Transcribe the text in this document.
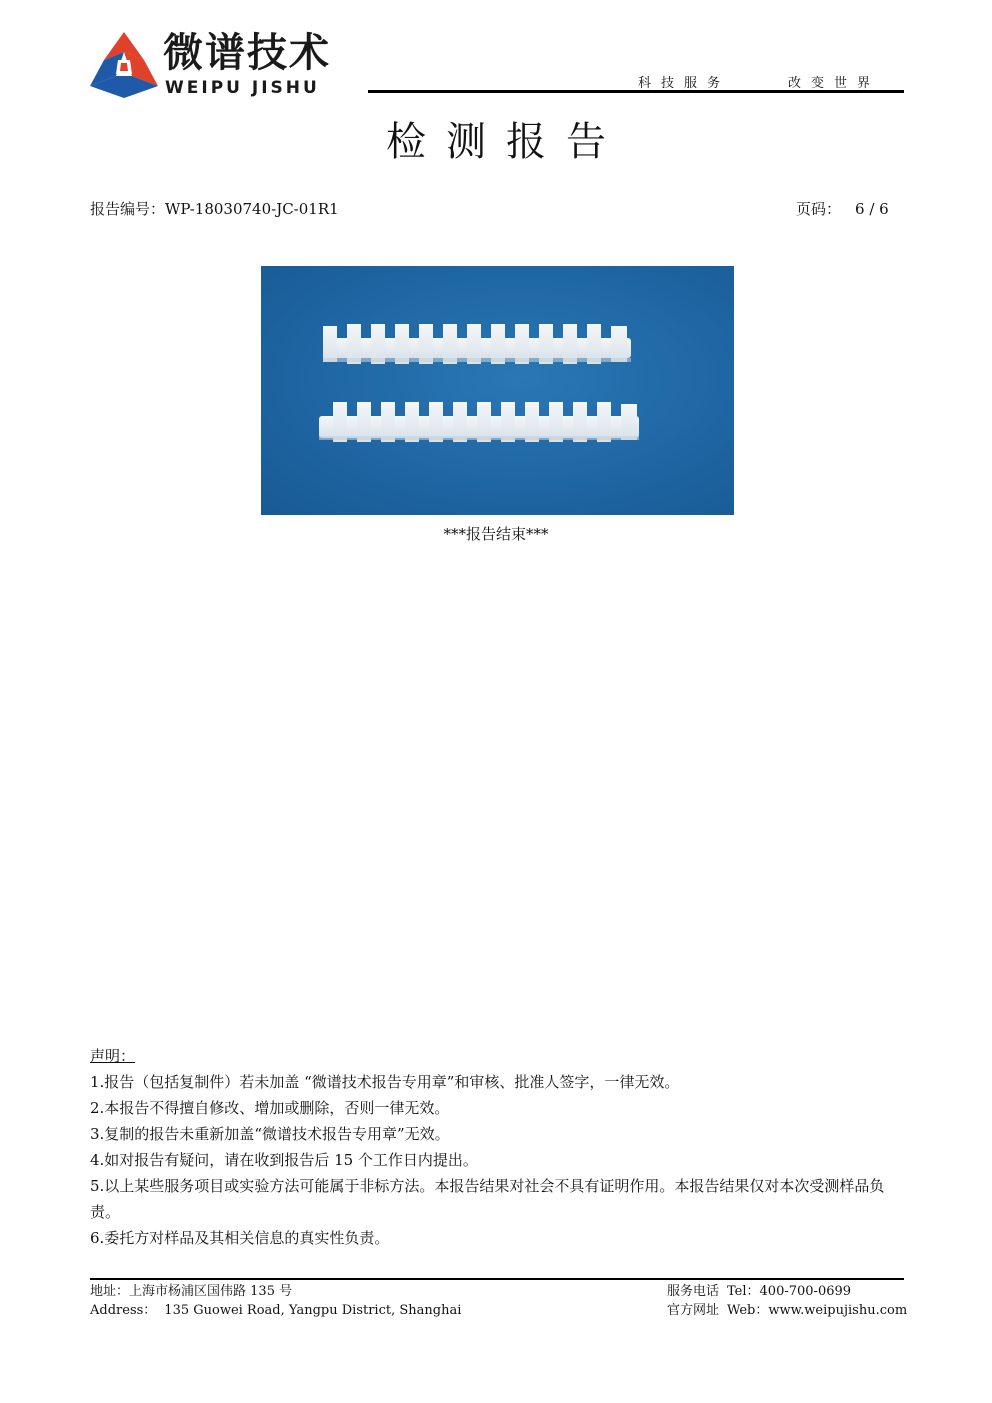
微谱技术
WEIPU JISHU	科技服务	改变世界
检测报告
报告编号：WP-18030740-JC-01R1	页码： 6 / 6
***报告结束***
声明：

1.报告（包括复制件）若未加盖 “微谱技术报告专用章”和审核、批准人签字，一律无效。

2.本报告不得擅自修改、增加或删除，否则一律无效。

3.复制的报告未重新加盖“微谱技术报告专用章”无效。

4.如对报告有疑问，请在收到报告后 15 个工作日内提出。

5.以上某些服务项目或实验方法可能属于非标方法。本报告结果对社会不具有证明作用。本报告结果仅对本次受测样品负责。

6.委托方对样品及其相关信息的真实性负责。

地址：上海市杨浦区国伟路 135 号
Address： 135 Guowei Road, Yangpu District, Shanghai
服务电话 Tel：400-700-0699
官方网址 Web：www.weipujishu.com
